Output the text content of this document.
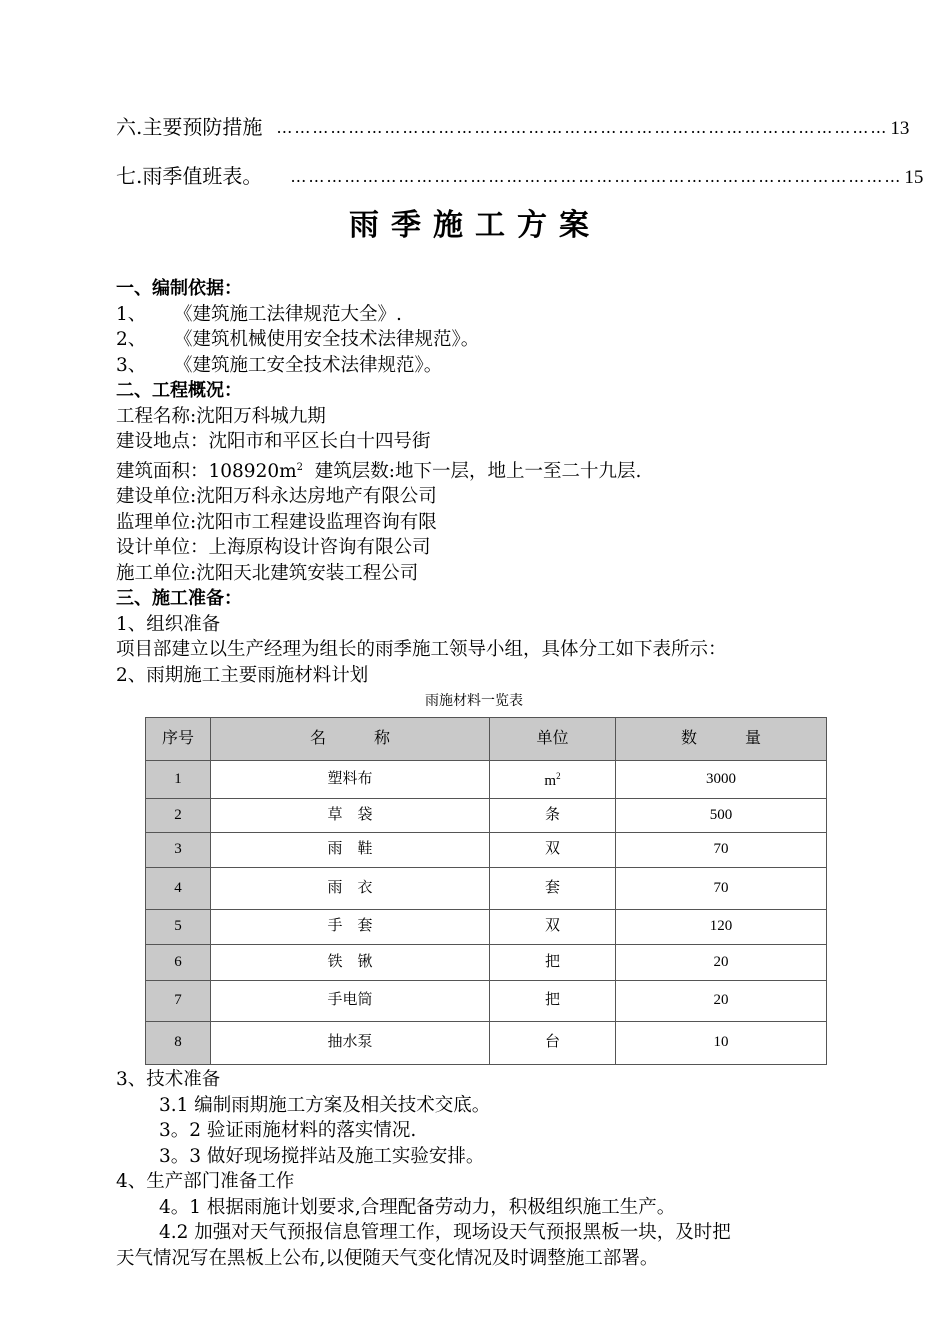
六. 主要预防措施 ………………………………………………………………………………………… 13
七. 雨季值班表。 ………………………………………………………………………………………… 15
雨季施工方案

一、编制依据：

1、 《建筑施工法律规范大全》.

2、 《建筑机械使用安全技术法律规范》。

3、 《建筑施工安全技术法律规范》。

二、工程概况：

工程名称:沈阳万科城九期

建设地点：沈阳市和平区长白十四号街

建筑面积：$108920m^2$  建筑层数:地下一层，地上一至二十九层.

建设单位:沈阳万科永达房地产有限公司

监理单位:沈阳市工程建设监理咨询有限

设计单位：上海原构设计咨询有限公司

施工单位:沈阳天北建筑安装工程公司

三、施工准备：

1、组织准备

项目部建立以生产经理为组长的雨季施工领导小组，具体分工如下表所示：

2、雨期施工主要雨施材料计划

雨施材料一览表

序号	名　　　称	单位	数　　　量
1	塑料布	$m^2$	3000
2	草　袋	条	500
3	雨　鞋	双	70
4	雨　衣	套	70
5	手　套	双	120
6	铁　锹	把	20
7	手电筒	把	20
8	抽水泵	台	10

3、技术准备

3.1 编制雨期施工方案及相关技术交底。

3。2 验证雨施材料的落实情况.

3。3 做好现场搅拌站及施工实验安排。

4、生产部门准备工作

4。1 根据雨施计划要求,合理配备劳动力，积极组织施工生产。

4.2 加强对天气预报信息管理工作，现场设天气预报黑板一块，及时把

天气情况写在黑板上公布,以便随天气变化情况及时调整施工部署。
